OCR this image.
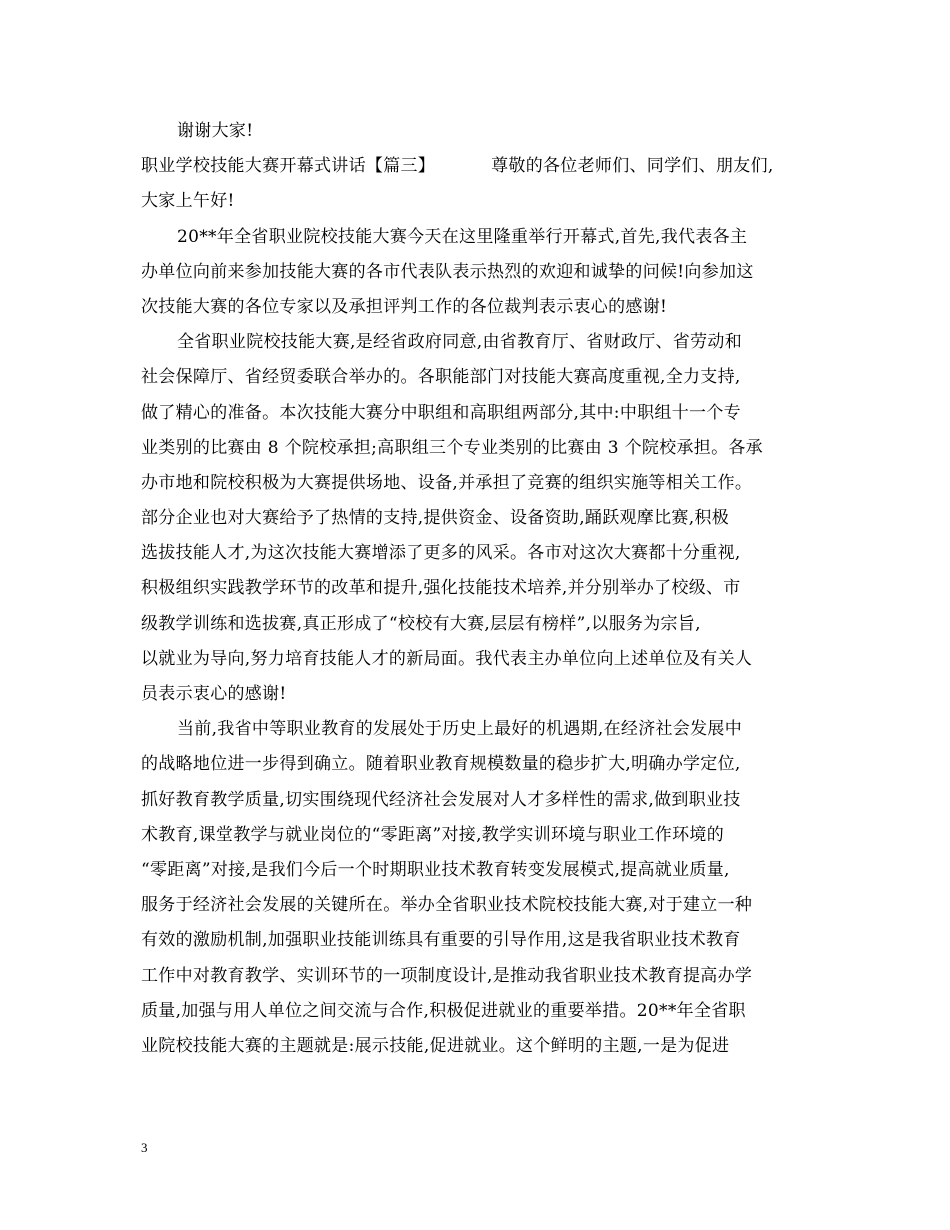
谢谢大家!
职业学校技能大赛开幕式讲话【篇三】	尊敬的各位老师们、同学们、朋友们,
大家上午好!
20**年全省职业院校技能大赛今天在这里隆重举行开幕式,首先,我代表各主
办单位向前来参加技能大赛的各市代表队表示热烈的欢迎和诚挚的问候!向参加这
次技能大赛的各位专家以及承担评判工作的各位裁判表示衷心的感谢!
全省职业院校技能大赛,是经省政府同意,由省教育厅、省财政厅、省劳动和
社会保障厅、省经贸委联合举办的。各职能部门对技能大赛高度重视,全力支持,
做了精心的准备。本次技能大赛分中职组和高职组两部分,其中:中职组十一个专
业类别的比赛由 8 个院校承担;高职组三个专业类别的比赛由 3 个院校承担。各承
办市地和院校积极为大赛提供场地、设备,并承担了竞赛的组织实施等相关工作。
部分企业也对大赛给予了热情的支持,提供资金、设备资助,踊跃观摩比赛,积极
选拔技能人才,为这次技能大赛增添了更多的风采。各市对这次大赛都十分重视,
积极组织实践教学环节的改革和提升,强化技能技术培养,并分别举办了校级、市
级教学训练和选拔赛,真正形成了“校校有大赛,层层有榜样”,以服务为宗旨,
以就业为导向,努力培育技能人才的新局面。我代表主办单位向上述单位及有关人
员表示衷心的感谢!
当前,我省中等职业教育的发展处于历史上最好的机遇期,在经济社会发展中
的战略地位进一步得到确立。随着职业教育规模数量的稳步扩大,明确办学定位,
抓好教育教学质量,切实围绕现代经济社会发展对人才多样性的需求,做到职业技
术教育,课堂教学与就业岗位的“零距离”对接,教学实训环境与职业工作环境的
“零距离”对接,是我们今后一个时期职业技术教育转变发展模式,提高就业质量,
服务于经济社会发展的关键所在。举办全省职业技术院校技能大赛,对于建立一种
有效的激励机制,加强职业技能训练具有重要的引导作用,这是我省职业技术教育
工作中对教育教学、实训环节的一项制度设计,是推动我省职业技术教育提高办学
质量,加强与用人单位之间交流与合作,积极促进就业的重要举措。20**年全省职
业院校技能大赛的主题就是:展示技能,促进就业。这个鲜明的主题,一是为促进
3
